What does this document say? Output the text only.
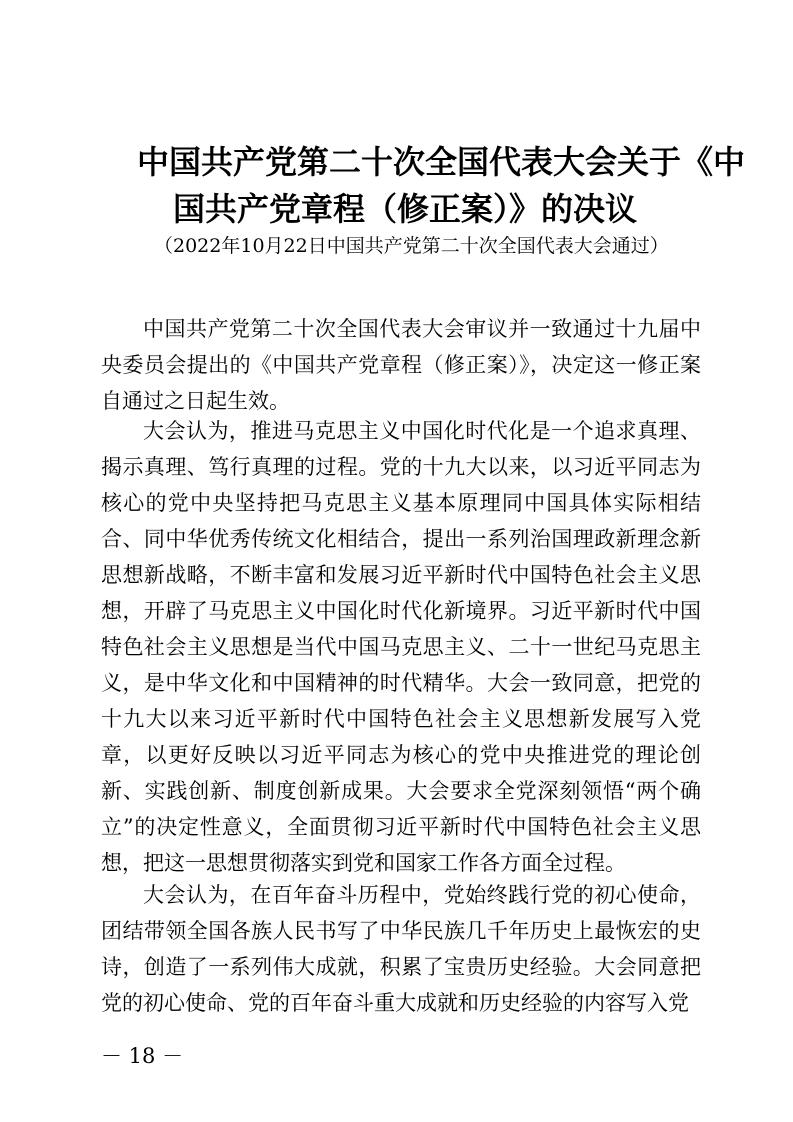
中国共产党第二十次全国代表大会关于《中
国共产党章程（修正案）》的决议
（2022年10月22日中国共产党第二十次全国代表大会通过）

中国共产党第二十次全国代表大会审议并一致通过十九届中央委员会提出的《中国共产党章程（修正案）》，决定这一修正案自通过之日起生效。

大会认为，推进马克思主义中国化时代化是一个追求真理、揭示真理、笃行真理的过程。党的十九大以来，以习近平同志为核心的党中央坚持把马克思主义基本原理同中国具体实际相结合、同中华优秀传统文化相结合，提出一系列治国理政新理念新思想新战略，不断丰富和发展习近平新时代中国特色社会主义思想，开辟了马克思主义中国化时代化新境界。习近平新时代中国特色社会主义思想是当代中国马克思主义、二十一世纪马克思主义，是中华文化和中国精神的时代精华。大会一致同意，把党的十九大以来习近平新时代中国特色社会主义思想新发展写入党章，以更好反映以习近平同志为核心的党中央推进党的理论创新、实践创新、制度创新成果。大会要求全党深刻领悟“两个确立”的决定性意义，全面贯彻习近平新时代中国特色社会主义思想，把这一思想贯彻落实到党和国家工作各方面全过程。

大会认为，在百年奋斗历程中，党始终践行党的初心使命，团结带领全国各族人民书写了中华民族几千年历史上最恢宏的史诗，创造了一系列伟大成就，积累了宝贵历史经验。大会同意把党的初心使命、党的百年奋斗重大成就和历史经验的内容写入党

－ 18 －
